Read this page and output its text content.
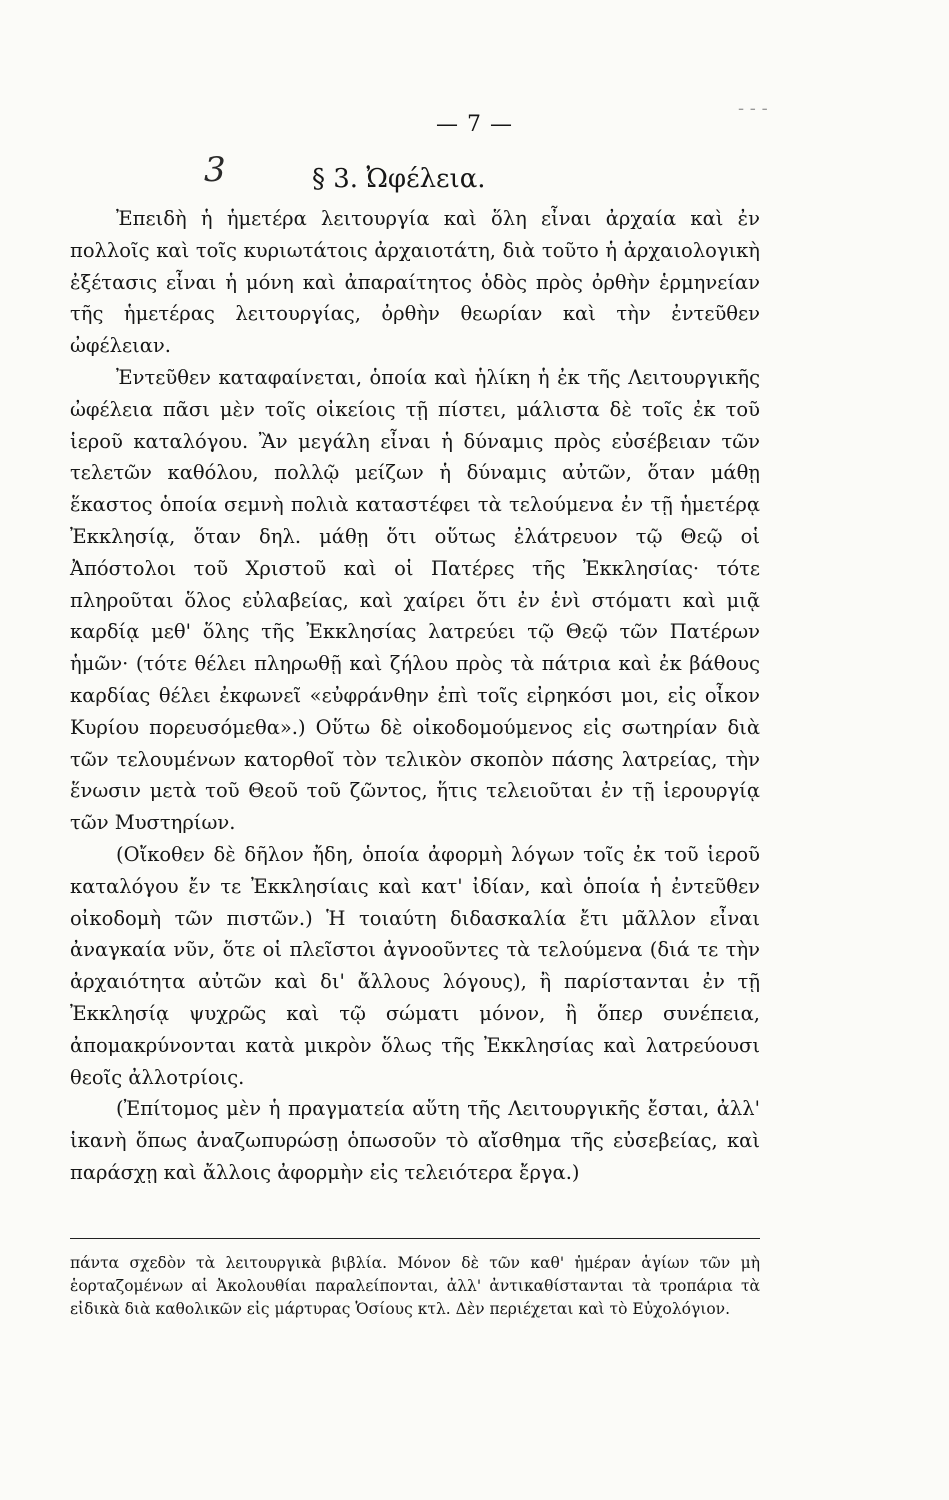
‐ ‐ ‐
— 7 —
3	§ 3. Ὠφέλεια.

Ἐπειδὴ ἡ ἡμετέρα λειτουργία καὶ ὅλη εἶναι ἀρχαία καὶ ἐν πολλοῖς καὶ τοῖς κυριωτάτοις ἀρχαιοτάτη, διὰ τοῦτο ἡ ἀρχαιολογικὴ ἐξέτασις εἶναι ἡ μόνη καὶ ἀπαραίτητος ὁδὸς πρὸς ὀρθὴν ἑρμηνείαν τῆς ἡμετέρας λειτουργίας, ὀρθὴν θεωρίαν καὶ τὴν ἐντεῦθεν ὠφέλειαν.

Ἐντεῦθεν καταφαίνεται, ὁποία καὶ ἡλίκη ἡ ἐκ τῆς Λειτουργικῆς ὠφέλεια πᾶσι μὲν τοῖς οἰκείοις τῇ πίστει, μάλιστα δὲ τοῖς ἐκ τοῦ ἱεροῦ καταλόγου. Ἂν μεγάλη εἶναι ἡ δύναμις πρὸς εὐσέβειαν τῶν τελετῶν καθόλου, πολλῷ μείζων ἡ δύναμις αὐτῶν, ὅταν μάθῃ ἕκαστος ὁποία σεμνὴ πολιὰ καταστέφει τὰ τελούμενα ἐν τῇ ἡμετέρᾳ Ἐκκλησίᾳ, ὅταν δηλ. μάθῃ ὅτι οὕτως ἐλάτρευον τῷ Θεῷ οἱ Ἀπόστολοι τοῦ Χριστοῦ καὶ οἱ Πατέρες τῆς Ἐκκλησίας· τότε πληροῦται ὅλος εὐλαβείας, καὶ χαίρει ὅτι ἐν ἑνὶ στόματι καὶ μιᾷ καρδίᾳ μεθ' ὅλης τῆς Ἐκκλησίας λατρεύει τῷ Θεῷ τῶν Πατέρων ἡμῶν· (τότε θέλει πληρωθῇ καὶ ζήλου πρὸς τὰ πάτρια καὶ ἐκ βάθους καρδίας θέλει ἐκφωνεῖ «εὐφράνθην ἐπὶ τοῖς εἰρηκόσι μοι, εἰς οἶκον Κυρίου πορευσόμεθα».) Οὕτω δὲ οἰκοδομούμενος εἰς σωτηρίαν διὰ τῶν τελουμένων κατορθοῖ τὸν τελικὸν σκοπὸν πάσης λατρείας, τὴν ἕνωσιν μετὰ τοῦ Θεοῦ τοῦ ζῶντος, ἥτις τελειοῦται ἐν τῇ ἱερουργίᾳ τῶν Μυστηρίων.

(Οἴκοθεν δὲ δῆλον ἤδη, ὁποία ἀφορμὴ λόγων τοῖς ἐκ τοῦ ἱεροῦ καταλόγου ἔν τε Ἐκκλησίαις καὶ κατ' ἰδίαν, καὶ ὁποία ἡ ἐντεῦθεν οἰκοδομὴ τῶν πιστῶν.) Ἡ τοιαύτη διδασκαλία ἔτι μᾶλλον εἶναι ἀναγκαία νῦν, ὅτε οἱ πλεῖστοι ἀγνοοῦντες τὰ τελούμενα (διά τε τὴν ἀρχαιότητα αὐτῶν καὶ δι' ἄλλους λόγους), ἢ παρίστανται ἐν τῇ Ἐκκλησίᾳ ψυχρῶς καὶ τῷ σώματι μόνον, ἢ ὅπερ συνέπεια, ἀπομακρύνονται κατὰ μικρὸν ὅλως τῆς Ἐκκλησίας καὶ λατρεύουσι θεοῖς ἀλλοτρίοις.

(Ἐπίτομος μὲν ἡ πραγματεία αὕτη τῆς Λειτουργικῆς ἔσται, ἀλλ' ἱκανὴ ὅπως ἀναζωπυρώσῃ ὁπωσοῦν τὸ αἴσθημα τῆς εὐσεβείας, καὶ παράσχῃ καὶ ἄλλοις ἀφορμὴν εἰς τελειότερα ἔργα.)

πάντα σχεδὸν τὰ λειτουργικὰ βιβλία. Μόνον δὲ τῶν καθ' ἡμέραν ἁγίων τῶν μὴ ἑορταζομένων αἱ Ἀκολουθίαι παραλείπονται, ἀλλ' ἀντικαθίστανται τὰ τροπάρια τὰ εἰδικὰ διὰ καθολικῶν εἰς μάρτυρας Ὁσίους κτλ. Δὲν περιέχεται καὶ τὸ Εὐχολόγιον.
